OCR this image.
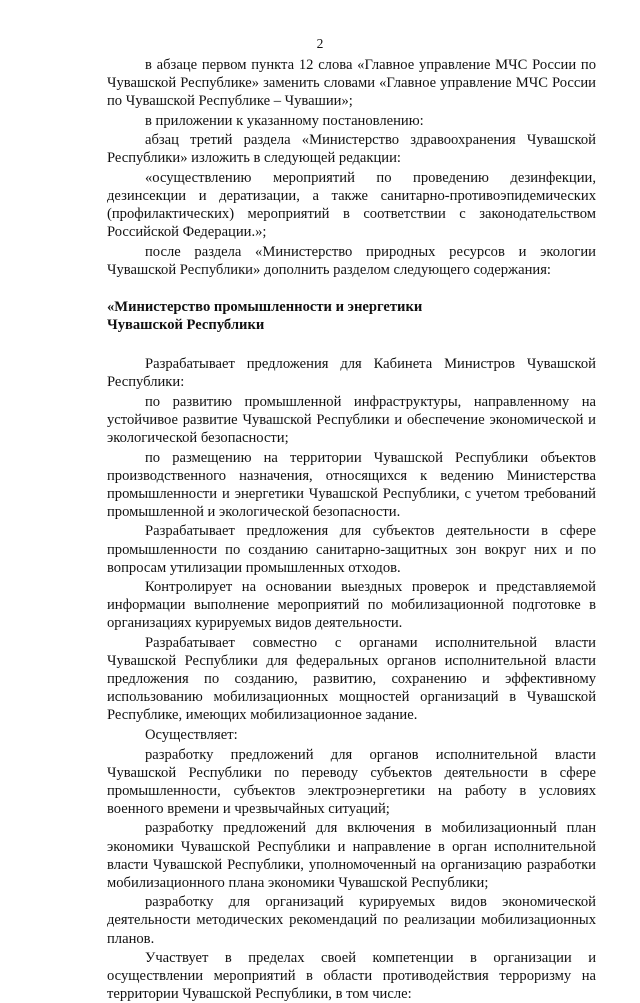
2

в абзаце первом пункта 12 слова «Главное управление МЧС России по Чувашской Республике» заменить словами «Главное управление МЧС России по Чувашской Республике – Чувашии»;

в приложении к указанному постановлению:

абзац третий раздела «Министерство здравоохранения Чувашской Республики» изложить в следующей редакции:

«осуществлению мероприятий по проведению дезинфекции, дезинсекции и дератизации, а также санитарно-противоэпидемических (профилактических) мероприятий в соответствии с законодательством Российской Федерации.»;

после раздела «Министерство природных ресурсов и экологии Чувашской Республики» дополнить разделом следующего содержания:

«Министерство промышленности и энергетики
Чувашской Республики

Разрабатывает предложения для Кабинета Министров Чувашской Республики:

по развитию промышленной инфраструктуры, направленному на устойчивое развитие Чувашской Республики и обеспечение экономической и экологической безопасности;

по размещению на территории Чувашской Республики объектов производственного назначения, относящихся к ведению Министерства промышленности и энергетики Чувашской Республики, с учетом требований промышленной и экологической безопасности.

Разрабатывает предложения для субъектов деятельности в сфере промышленности по созданию санитарно-защитных зон вокруг них и по вопросам утилизации промышленных отходов.

Контролирует на основании выездных проверок и представляемой информации выполнение мероприятий по мобилизационной подготовке в организациях курируемых видов деятельности.

Разрабатывает совместно с органами исполнительной власти Чувашской Республики для федеральных органов исполнительной власти предложения по созданию, развитию, сохранению и эффективному использованию мобилизационных мощностей организаций в Чувашской Республике, имеющих мобилизационное задание.

Осуществляет:

разработку предложений для органов исполнительной власти Чувашской Республики по переводу субъектов деятельности в сфере промышленности, субъектов электроэнергетики на работу в условиях военного времени и чрезвычайных ситуаций;

разработку предложений для включения в мобилизационный план экономики Чувашской Республики и направление в орган исполнительной власти Чувашской Республики, уполномоченный на организацию разработки мобилизационного плана экономики Чувашской Республики;

разработку для организаций курируемых видов экономической деятельности методических рекомендаций по реализации мобилизационных планов.

Участвует в пределах своей компетенции в организации и осуществлении мероприятий в области противодействия терроризму на территории Чувашской Республики, в том числе:
